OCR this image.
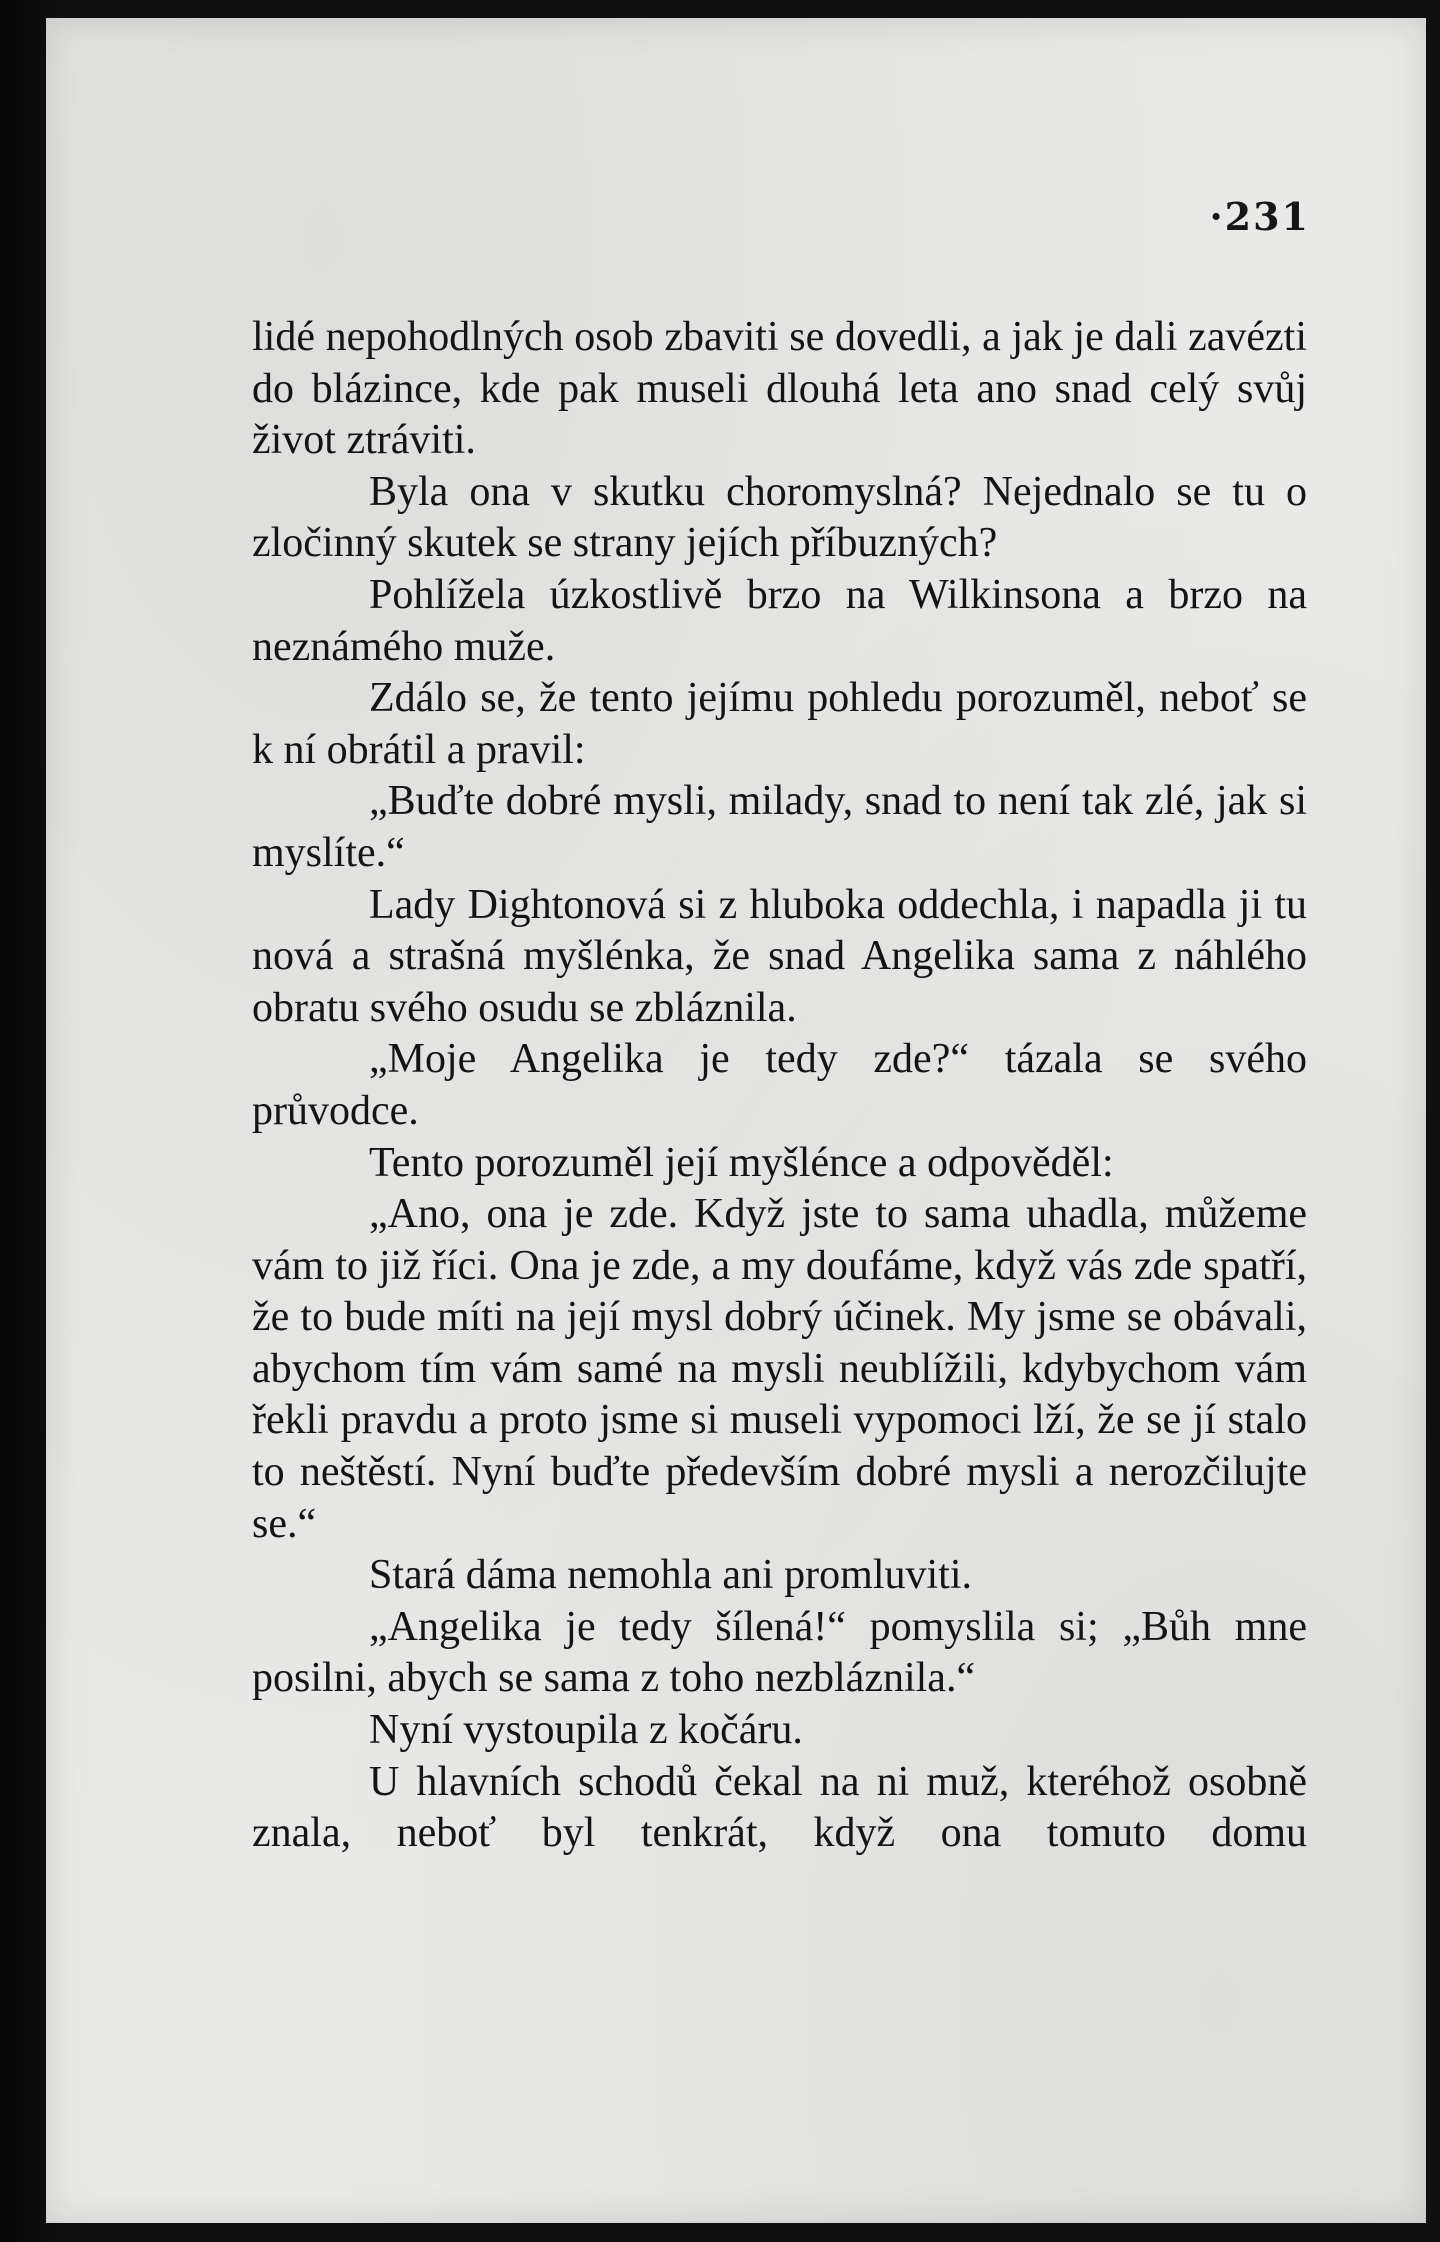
·231

lidé nepohodlných osob zbaviti se dovedli, a jak je dali zavézti do blázince, kde pak museli dlouhá leta ano snad celý svůj život ztráviti.

Byla ona v skutku choromyslná? Nejednalo se tu o zločinný skutek se strany jejích příbuzných?

Pohlížela úzkostlivě brzo na Wilkinsona a brzo na neznámého muže.

Zdálo se, že tento jejímu pohledu porozuměl, neboť se k ní obrátil a pravil:

„Buďte dobré mysli, milady, snad to není tak zlé, jak si myslíte.“

Lady Dightonová si z hluboka oddechla, i napadla ji tu nová a strašná myšlénka, že snad Angelika sama z náhlého obratu svého osudu se zbláznila.

„Moje Angelika je tedy zde?“ tázala se svého průvodce.

Tento porozuměl její myšlénce a odpověděl:

„Ano, ona je zde. Když jste to sama uhadla, můžeme vám to již říci. Ona je zde, a my doufáme, když vás zde spatří, že to bude míti na její mysl dobrý účinek. My jsme se obávali, abychom tím vám samé na mysli neublížili, kdybychom vám řekli pravdu a proto jsme si museli vypomoci lží, že se jí stalo to neštěstí. Nyní buďte především dobré mysli a nerozčilujte se.“

Stará dáma nemohla ani promluviti.

„Angelika je tedy šílená!“ pomyslila si; „Bůh mne posilni, abych se sama z toho nezbláznila.“

Nyní vystoupila z kočáru.

U hlavních schodů čekal na ni muž, kteréhož osobně znala, neboť byl tenkrát, když ona tomuto domu
